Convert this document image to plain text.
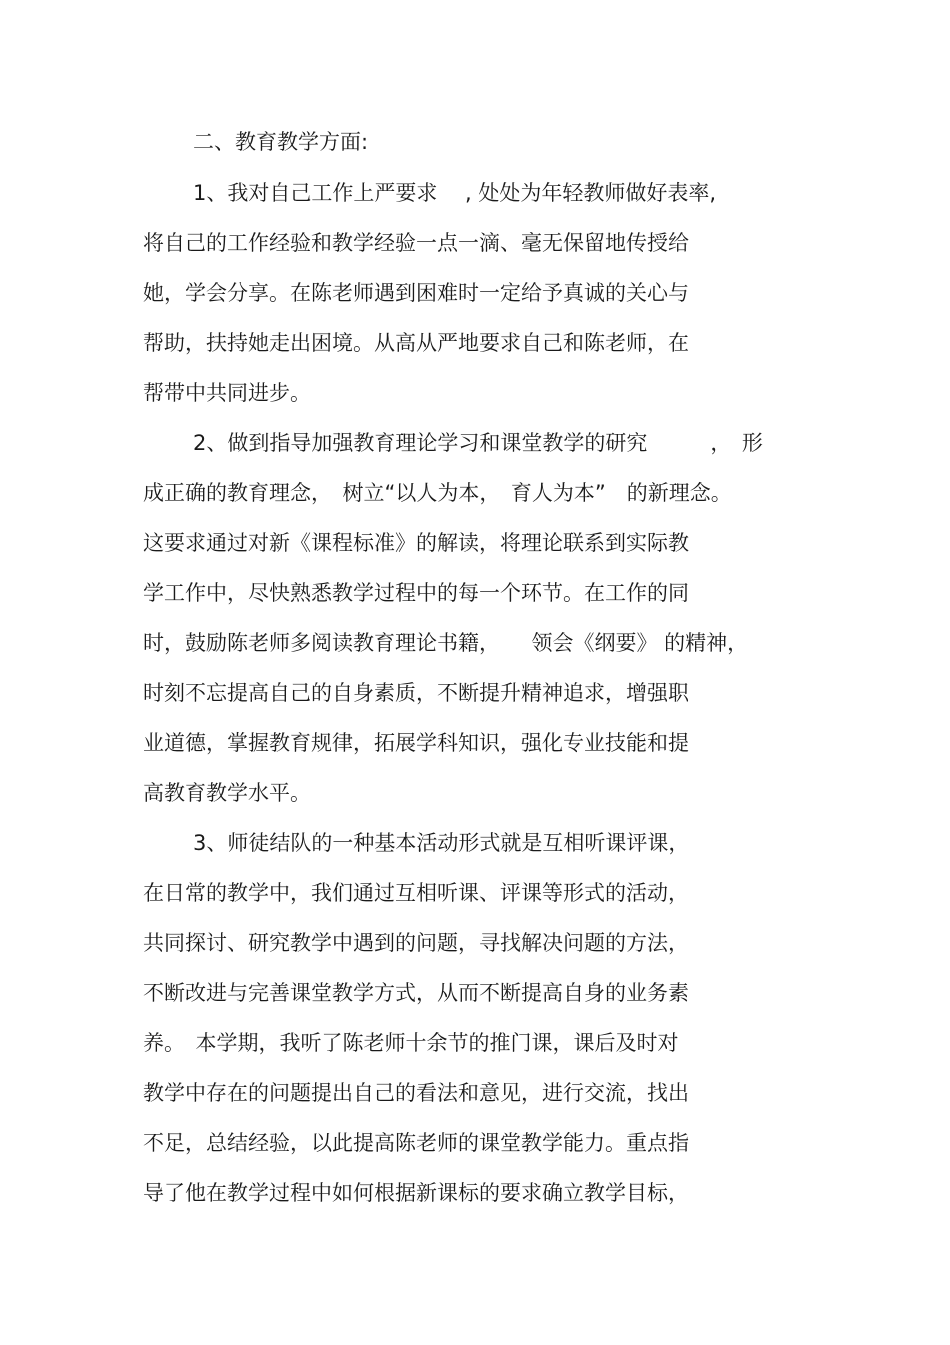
二、教育教学方面:
1、我对自己工作上严要求　 , 处处为年轻教师做好表率,
将自己的工作经验和教学经验一点一滴、毫无保留地传授给
她，学会分享。在陈老师遇到困难时一定给予真诚的关心与
帮助，扶持她走出困境。从高从严地要求自己和陈老师，在
帮带中共同进步。
2、做到指导加强教育理论学习和课堂教学的研究　　　，　形
成正确的教育理念，　树立“以人为本，　育人为本”　的新理念。
这要求通过对新《课程标准》的解读，将理论联系到实际教
学工作中，尽快熟悉教学过程中的每一个环节。在工作的同
时，鼓励陈老师多阅读教育理论书籍，　　领会《纲要》 的精神，
时刻不忘提高自己的自身素质，不断提升精神追求，增强职
业道德，掌握教育规律，拓展学科知识，强化专业技能和提
高教育教学水平。
3、师徒结队的一种基本活动形式就是互相听课评课，
在日常的教学中，我们通过互相听课、评课等形式的活动，
共同探讨、研究教学中遇到的问题，寻找解决问题的方法，
不断改进与完善课堂教学方式，从而不断提高自身的业务素
养。　本学期，我听了陈老师十余节的推门课，课后及时对
教学中存在的问题提出自己的看法和意见，进行交流，找出
不足，总结经验，以此提高陈老师的课堂教学能力。重点指
导了他在教学过程中如何根据新课标的要求确立教学目标，
